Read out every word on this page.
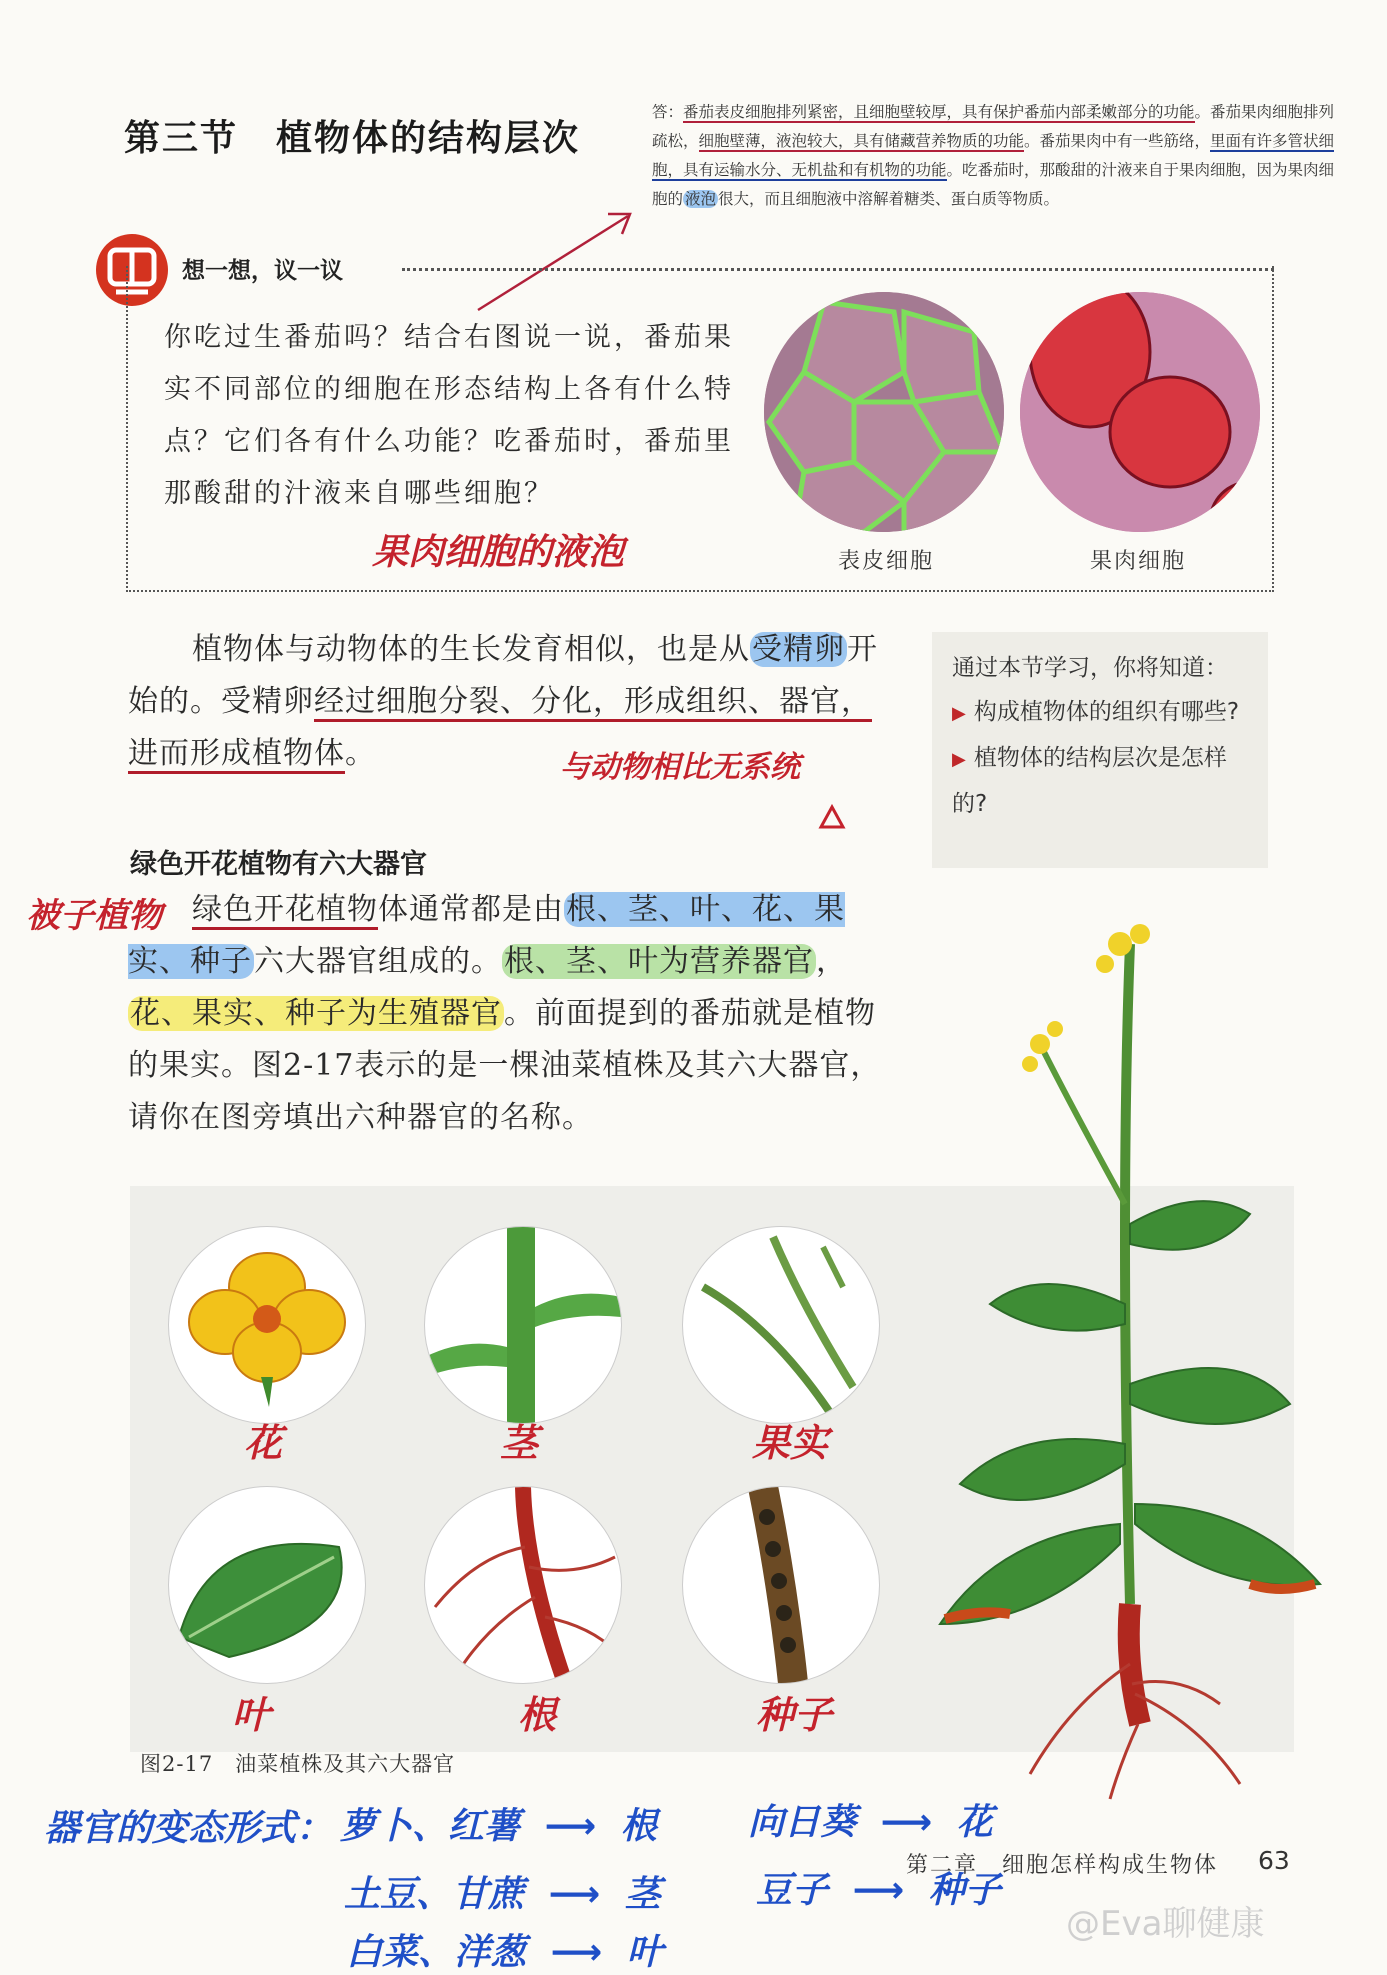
第三节　植物体的结构层次
答：番茄表皮细胞排列紧密，且细胞壁较厚，具有保护番茄内部柔嫩部分的功能。番茄果肉细胞排列疏松，细胞壁薄，液泡较大，具有储藏营养物质的功能。番茄果肉中有一些筋络，里面有许多管状细胞，具有运输水分、无机盐和有机物的功能。吃番茄时，那酸甜的汁液来自于果肉细胞，因为果肉细胞的 液泡 很大，而且细胞液中溶解着糖类、蛋白质等物质。
想一想，议一议
你吃过生番茄吗？结合右图说一说，番茄果实不同部位的细胞在形态结构上各有什么特点？它们各有什么功能？吃番茄时，番茄里那酸甜的汁液来自哪些细胞？
果肉细胞的液泡	表皮细胞	果肉细胞

植物体与动物体的生长发育相似，也是从受精卵开始的。受精卵经过细胞分裂、分化，形成组织、器官，进而形成植物体。	与动物相比无系统
通过本节学习，你将知道：
▶ 构成植物体的组织有哪些?
▶ 植物体的结构层次是怎样的?
绿色开花植物有六大器官
被子植物	绿色开花植物体通常都是由根、茎、叶、花、果实、种子六大器官组成的。根、茎、叶为营养器官，花、果实、种子为生殖器官。前面提到的番茄就是植物的果实。图2-17表示的是一棵油菜植株及其六大器官，请你在图旁填出六种器官的名称。

花	茎	果实
叶	根	种子
图2-17　油菜植株及其六大器官
器官的变态形式： 萝卜、红薯 ⟶ 根
土豆、甘蔗 ⟶ 茎
白菜、洋葱 ⟶ 叶
向日葵 ⟶ 花
豆子 ⟶ 种子
第二章　细胞怎样构成生物体 63
@Eva聊健康
